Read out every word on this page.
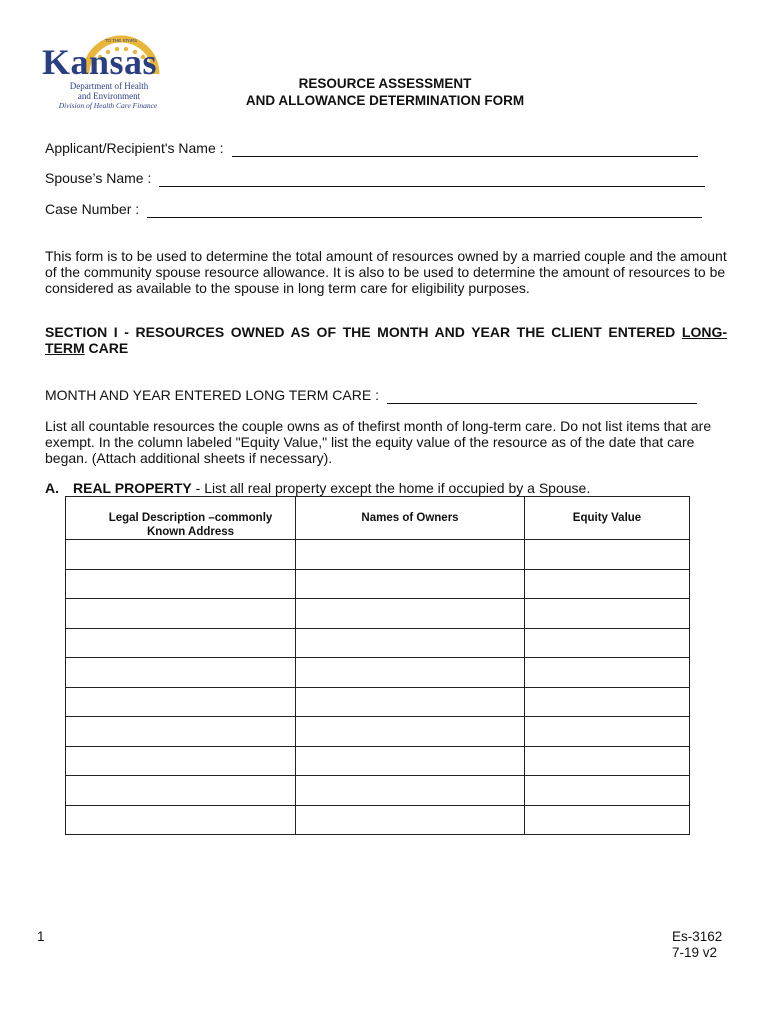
TO THE STARS
Kansas
Department of Health
and Environment
Division of Health Care Finance
RESOURCE ASSESSMENT
AND ALLOWANCE DETERMINATION FORM
Applicant/Recipient's Name :
Spouse’s Name :
Case Number :
This form is to be used to determine the total amount of resources owned by a married couple and the amount of the community spouse resource allowance. It is also to be used to determine the amount of resources to be considered as available to the spouse in long term care for eligibility purposes.
SECTION I - RESOURCES OWNED AS OF THE MONTH AND YEAR THE CLIENT ENTERED LONG-TERM CARE
MONTH AND YEAR ENTERED LONG TERM CARE :
List all countable resources the couple owns as of thefirst month of long-term care. Do not list items that are exempt. In the column labeled "Equity Value," list the equity value of the resource as of the date that care began. (Attach additional sheets if necessary).
A. REAL PROPERTY - List all real property except the home if occupied by a Spouse.
Legal Description –commonly Known Address	Names of Owners	Equity Value

1	Es-3162
7-19 v2
